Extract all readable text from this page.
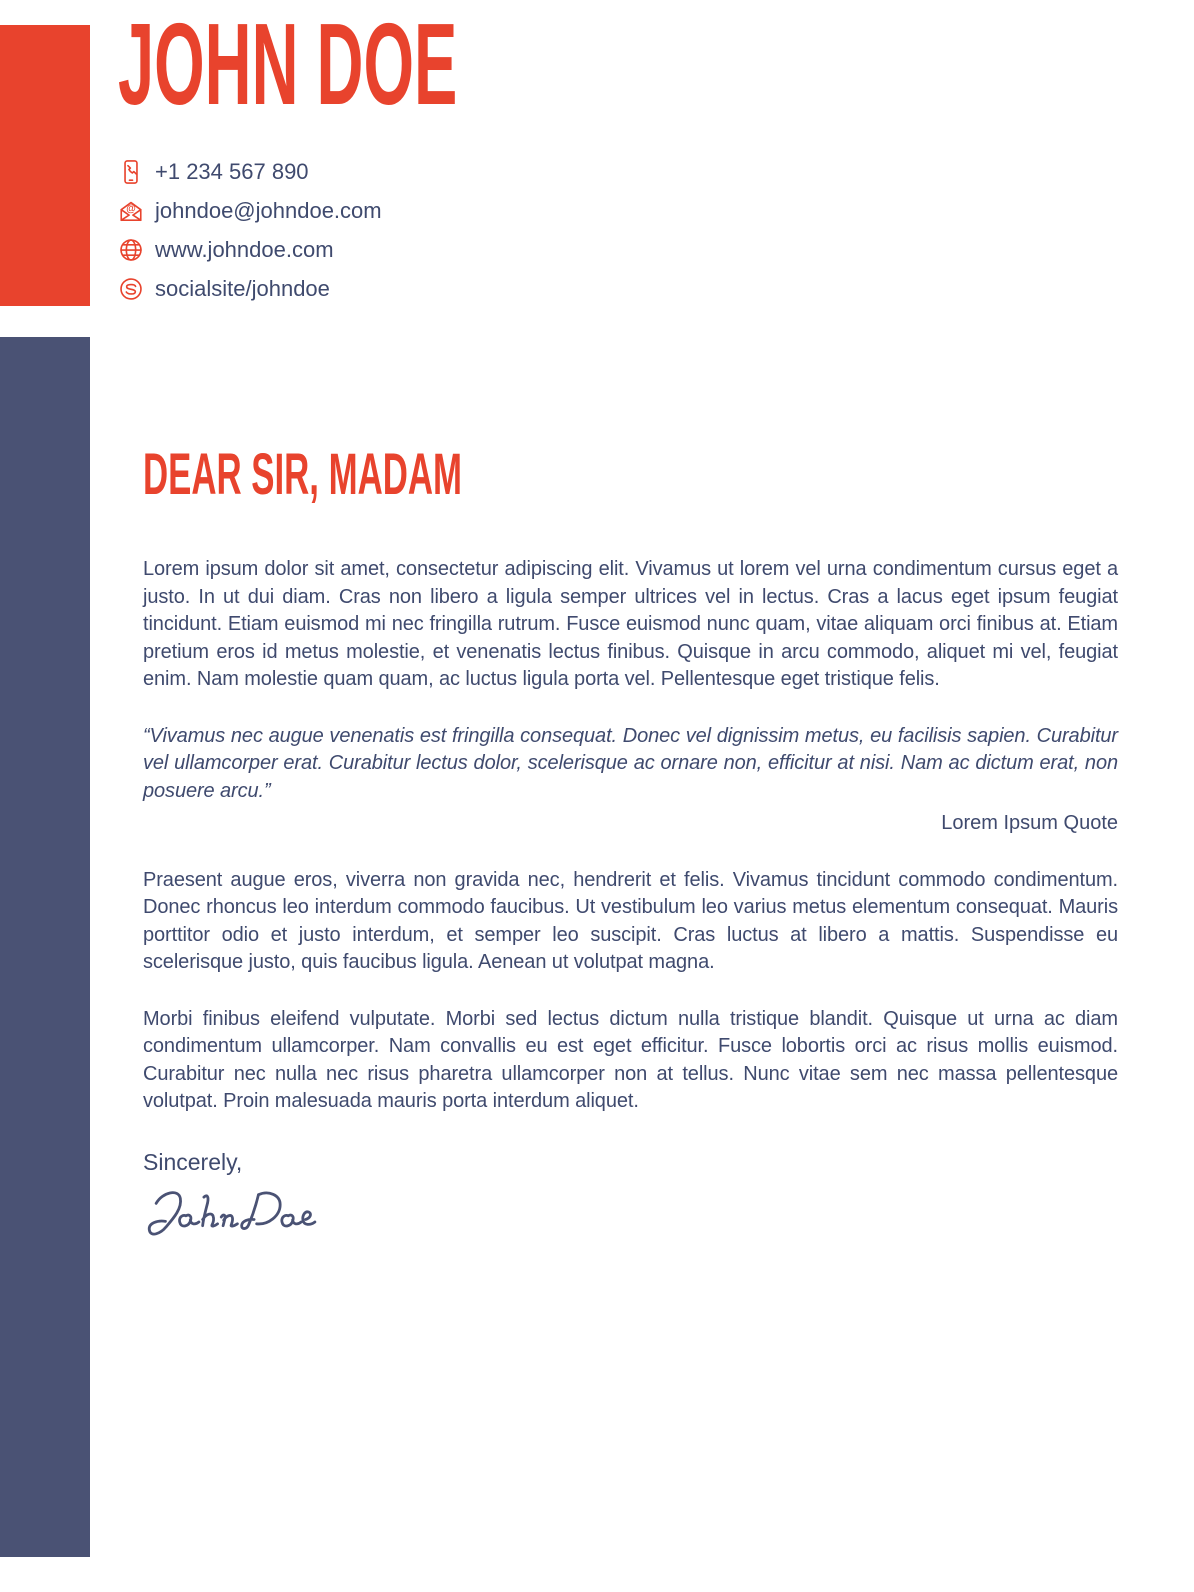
JOHN DOE
+1 234 567 890
@ johndoe@johndoe.com
www.johndoe.com
socialsite/johndoe
DEAR SIR, MADAM

Lorem ipsum dolor sit amet, consectetur adipiscing elit. Vivamus ut lorem vel urna condimentum cursus eget a justo. In ut dui diam. Cras non libero a ligula semper ultrices vel in lectus. Cras a lacus eget ipsum feugiat tincidunt. Etiam euismod mi nec fringilla rutrum. Fusce euismod nunc quam, vitae aliquam orci finibus at. Etiam pretium eros id metus molestie, et venenatis lectus finibus. Quisque in arcu commodo, aliquet mi vel, feugiat enim. Nam molestie quam quam, ac luctus ligula porta vel. Pellentesque eget tristique felis.

“Vivamus nec augue venenatis est fringilla consequat. Donec vel dignissim metus, eu facilisis sapien. Curabitur vel ullamcorper erat. Curabitur lectus dolor, scelerisque ac ornare non, efficitur at nisi. Nam ac dictum erat, non posuere arcu.”

Lorem Ipsum Quote

Praesent augue eros, viverra non gravida nec, hendrerit et felis. Vivamus tincidunt commodo condimentum. Donec rhoncus leo interdum commodo faucibus. Ut vestibulum leo varius metus elementum consequat. Mauris porttitor odio et justo interdum, et semper leo suscipit. Cras luctus at libero a mattis. Suspendisse eu scelerisque justo, quis faucibus ligula. Aenean ut volutpat magna.

Morbi finibus eleifend vulputate. Morbi sed lectus dictum nulla tristique blandit. Quisque ut urna ac diam condimentum ullamcorper. Nam convallis eu est eget efficitur. Fusce lobortis orci ac risus mollis euismod. Curabitur nec nulla nec risus pharetra ullamcorper non at tellus. Nunc vitae sem nec massa pellentesque volutpat. Proin malesuada mauris porta interdum aliquet.

Sincerely,
